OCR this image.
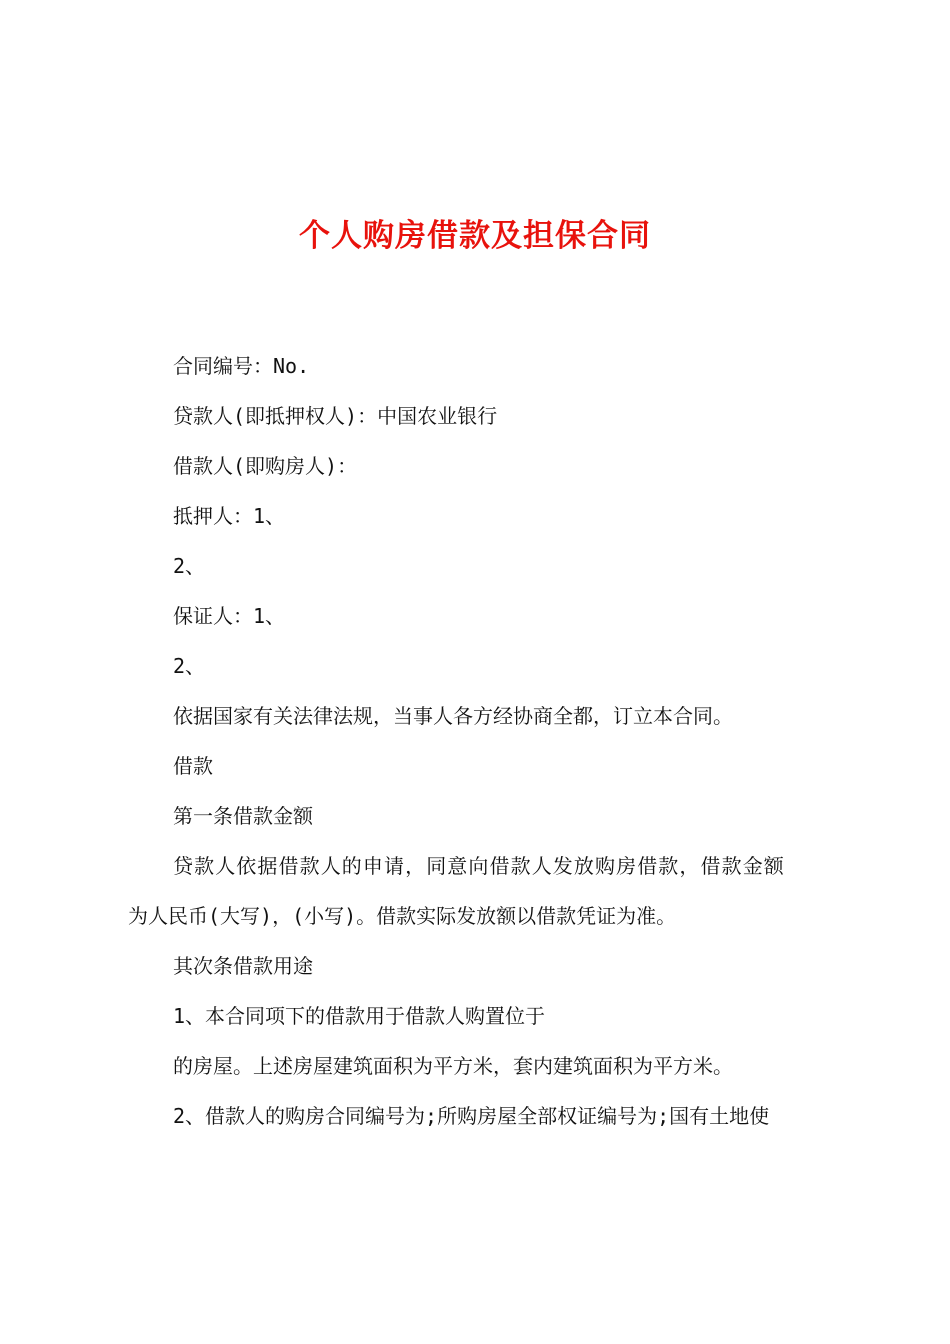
个人购房借款及担保合同
合同编号：No.
贷款人(即抵押权人)：中国农业银行
借款人(即购房人)：
抵押人：1、
2、
保证人：1、
2、
依据国家有关法律法规，当事人各方经协商全都，订立本合同。
借款
第一条借款金额
贷款人依据借款人的申请，同意向借款人发放购房借款，借款金额
为人民币(大写)，(小写)。借款实际发放额以借款凭证为准。
其次条借款用途
1、本合同项下的借款用于借款人购置位于
的房屋。上述房屋建筑面积为平方米，套内建筑面积为平方米。
2、借款人的购房合同编号为;所购房屋全部权证编号为;国有土地使
